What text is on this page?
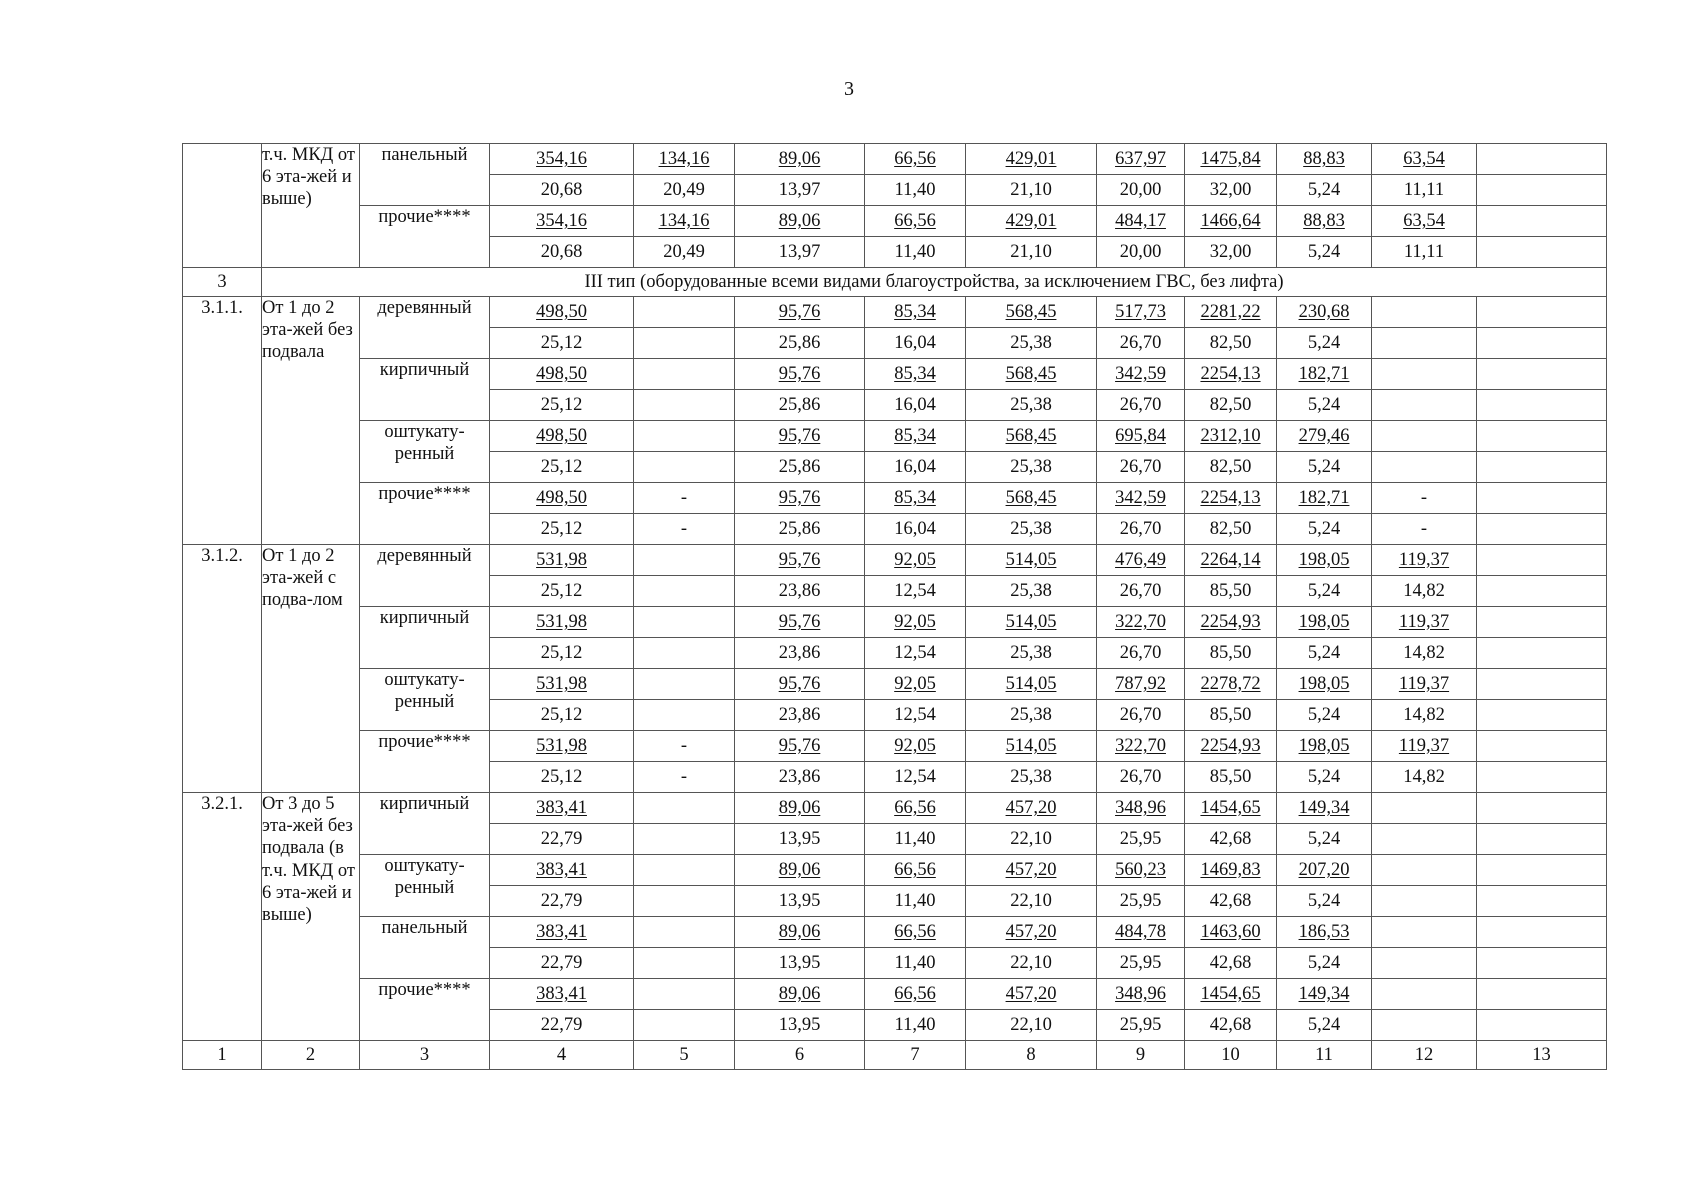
3
	т.ч. МКД от 6 эта-жей и выше)	панельный	354,16	134,16	89,06	66,56	429,01	637,97	1475,84	88,83	63,54	
			20,68	20,49	13,97	11,40	21,10	20,00	32,00	5,24	11,11	
		прочие****	354,16	134,16	89,06	66,56	429,01	484,17	1466,64	88,83	63,54	
			20,68	20,49	13,97	11,40	21,10	20,00	32,00	5,24	11,11	
3	III тип (оборудованные всеми видами благоустройства, за исключением ГВС, без лифта)											
3.1.1.	От 1 до 2 эта-жей без подвала	деревянный	498,50		95,76	85,34	568,45	517,73	2281,22	230,68		
			25,12		25,86	16,04	25,38	26,70	82,50	5,24		
		кирпичный	498,50		95,76	85,34	568,45	342,59	2254,13	182,71		
			25,12		25,86	16,04	25,38	26,70	82,50	5,24		
		оштукату-ренный	498,50		95,76	85,34	568,45	695,84	2312,10	279,46		
			25,12		25,86	16,04	25,38	26,70	82,50	5,24		
		прочие****	498,50	-	95,76	85,34	568,45	342,59	2254,13	182,71	-	
			25,12	-	25,86	16,04	25,38	26,70	82,50	5,24	-	
3.1.2.	От 1 до 2 эта-жей с подва-лом	деревянный	531,98		95,76	92,05	514,05	476,49	2264,14	198,05	119,37	
			25,12		23,86	12,54	25,38	26,70	85,50	5,24	14,82	
		кирпичный	531,98		95,76	92,05	514,05	322,70	2254,93	198,05	119,37	
			25,12		23,86	12,54	25,38	26,70	85,50	5,24	14,82	
		оштукату-ренный	531,98		95,76	92,05	514,05	787,92	2278,72	198,05	119,37	
			25,12		23,86	12,54	25,38	26,70	85,50	5,24	14,82	
		прочие****	531,98	-	95,76	92,05	514,05	322,70	2254,93	198,05	119,37	
			25,12	-	23,86	12,54	25,38	26,70	85,50	5,24	14,82	
3.2.1.	От 3 до 5 эта-жей без подвала (в т.ч. МКД от 6 эта-жей и выше)	кирпичный	383,41		89,06	66,56	457,20	348,96	1454,65	149,34		
			22,79		13,95	11,40	22,10	25,95	42,68	5,24		
		оштукату-ренный	383,41		89,06	66,56	457,20	560,23	1469,83	207,20		
			22,79		13,95	11,40	22,10	25,95	42,68	5,24		
		панельный	383,41		89,06	66,56	457,20	484,78	1463,60	186,53		
			22,79		13,95	11,40	22,10	25,95	42,68	5,24		
		прочие****	383,41		89,06	66,56	457,20	348,96	1454,65	149,34		
			22,79		13,95	11,40	22,10	25,95	42,68	5,24		
1	2	3	4	5	6	7	8	9	10	11	12	13
